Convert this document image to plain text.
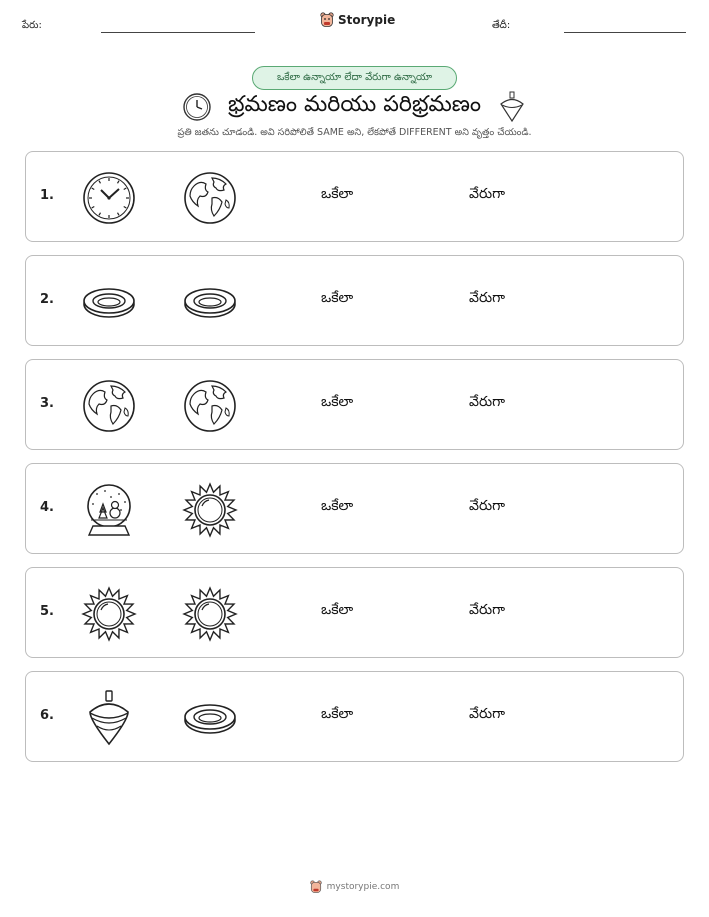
పేరు:	Storypie	తేదీ:
ఒకేలా ఉన్నాయా లేదా వేరుగా ఉన్నాయా
భ్రమణం మరియు పరిభ్రమణం
ప్రతి జతను చూడండి. అవి సరిపోలితే SAME అని, లేకపోతే DIFFERENT అని వృత్తం చేయండి.
1.	ఒకేలా	వేరుగా
2.	ఒకేలా	వేరుగా
3.	ఒకేలా	వేరుగా
4.	ఒకేలా	వేరుగా
5.	ఒకేలా	వేరుగా
6.	ఒకేలా	వేరుగా
mystorypie.com
